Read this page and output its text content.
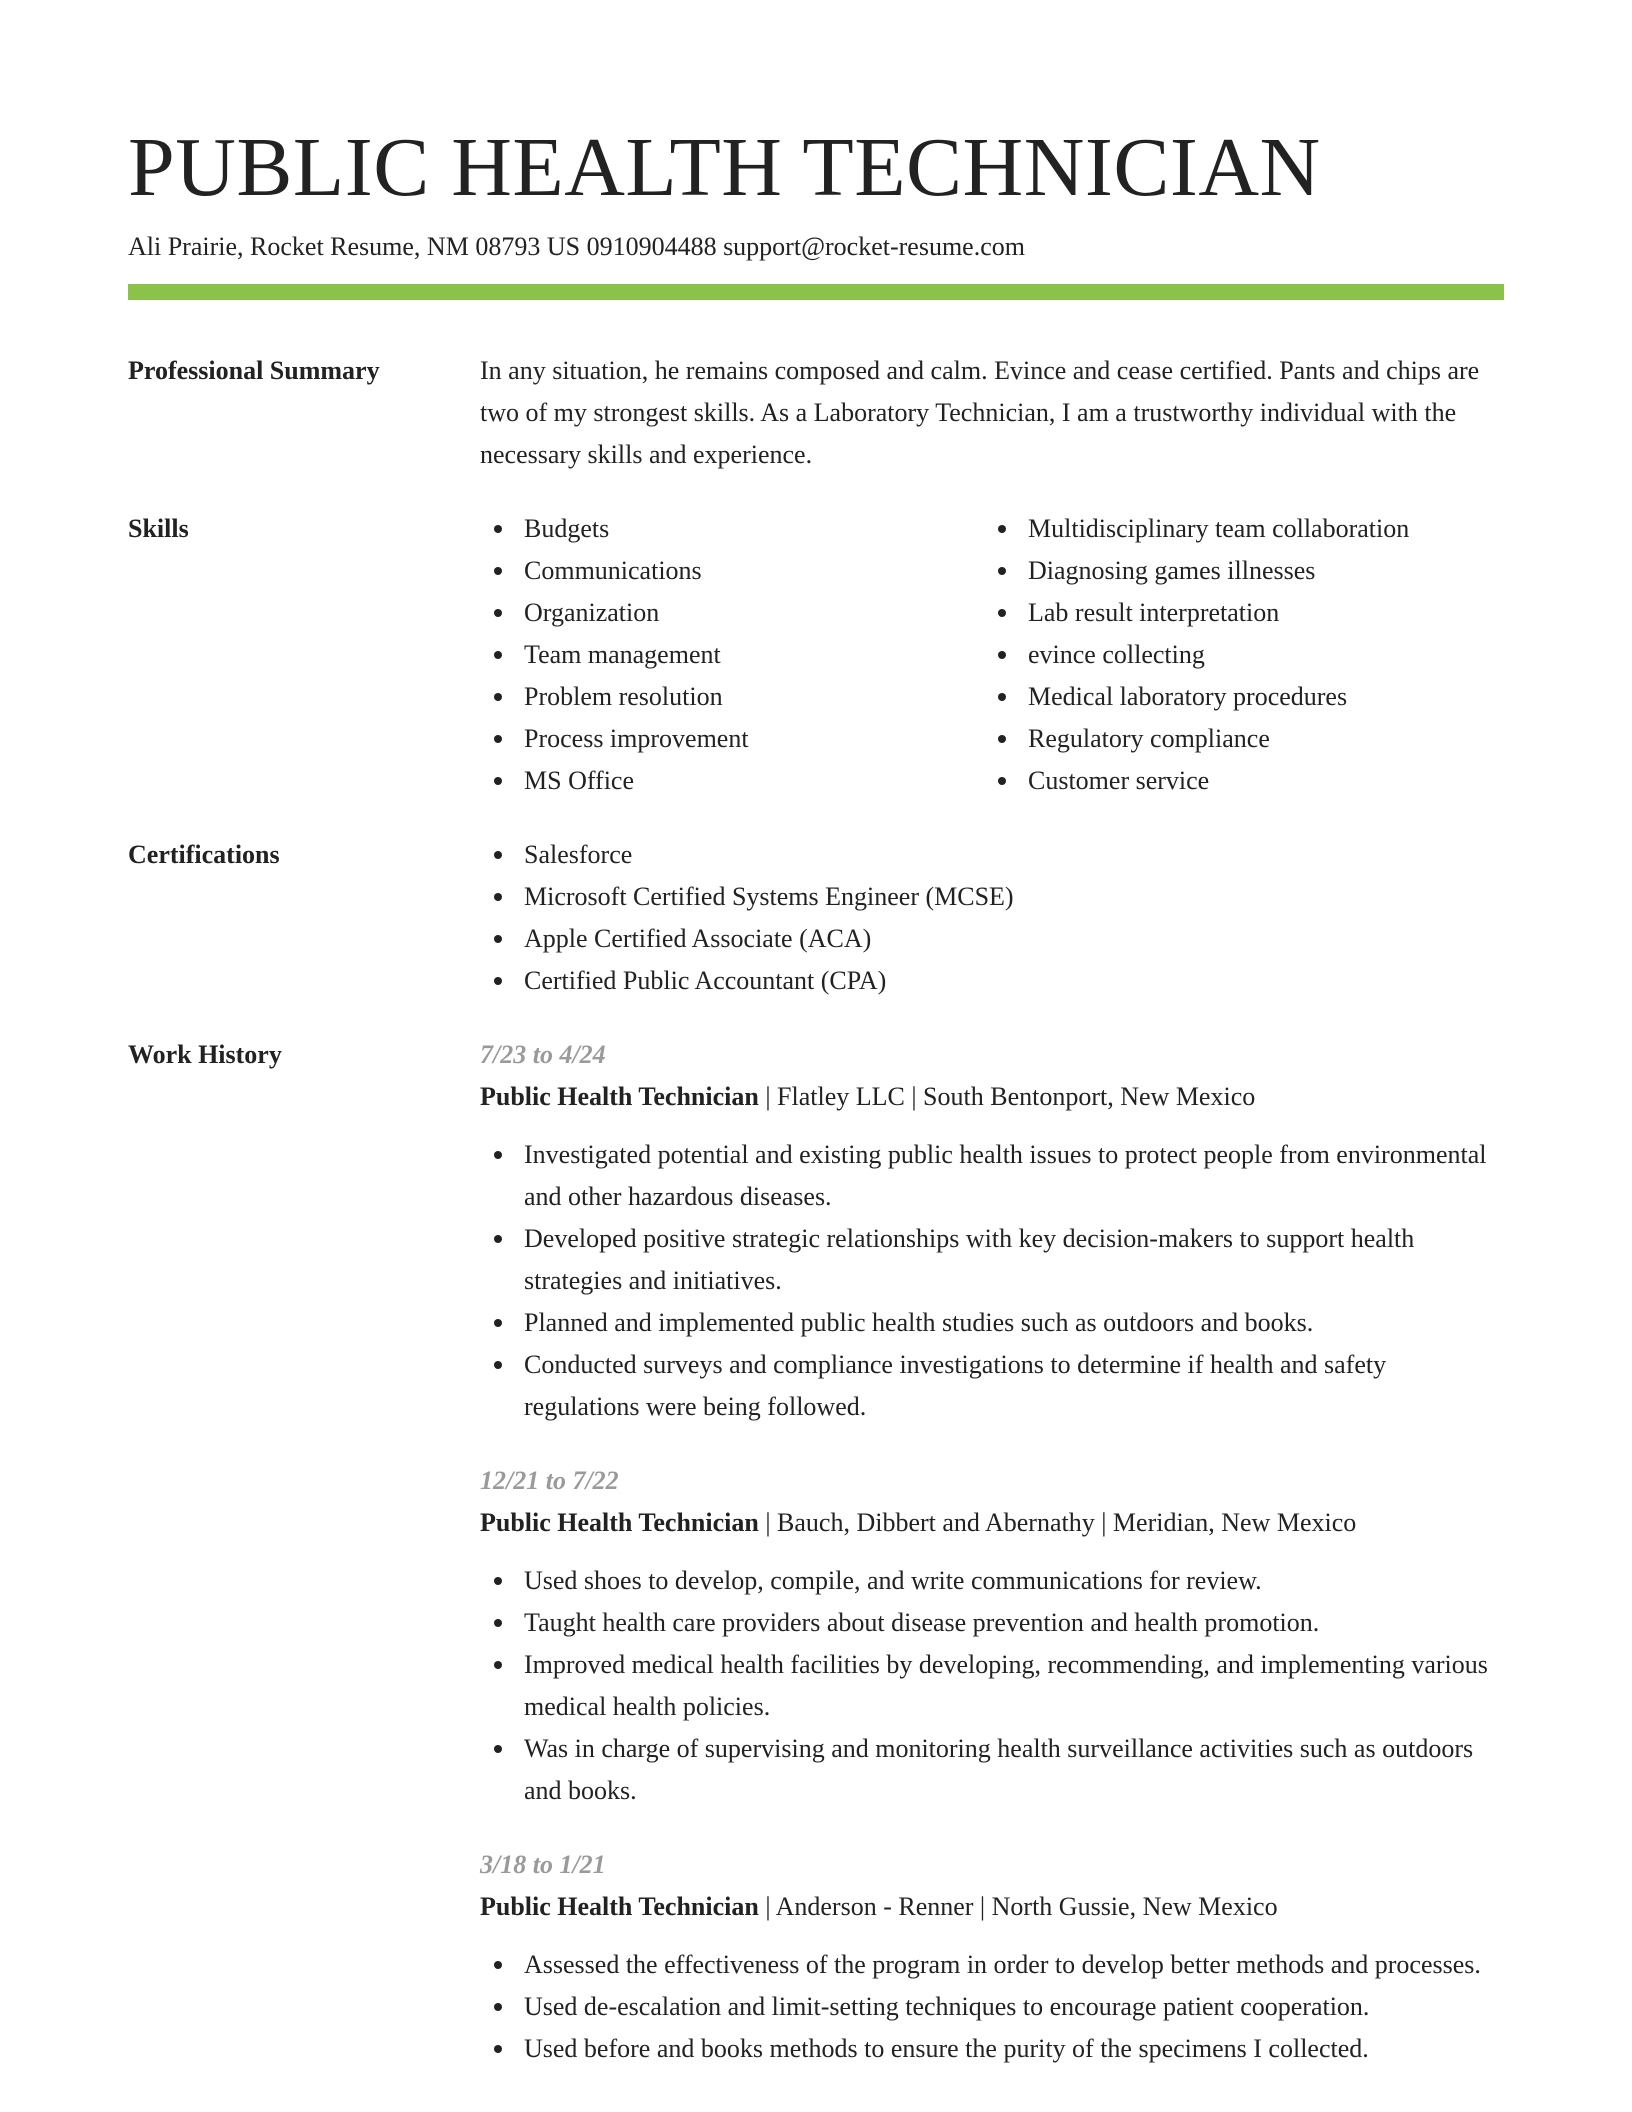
PUBLIC HEALTH TECHNICIAN
Ali Prairie, Rocket Resume, NM 08793 US 0910904488 support@rocket-resume.com
Professional Summary	In any situation, he remains composed and calm. Evince and cease certified. Pants and chips are two of my strongest skills. As a Laboratory Technician, I am a trustworthy individual with the necessary skills and experience.
Skills	Budgets
Communications
Organization
Team management
Problem resolution
Process improvement
MS Office
Multidisciplinary team collaboration
Diagnosing games illnesses
Lab result interpretation
evince collecting
Medical laboratory procedures
Regulatory compliance
Customer service
Certifications	Salesforce
Microsoft Certified Systems Engineer (MCSE)
Apple Certified Associate (ACA)
Certified Public Accountant (CPA)
Work History	7/23 to 4/24
Public Health Technician | Flatley LLC | South Bentonport, New Mexico
Investigated potential and existing public health issues to protect people from environmental and other hazardous diseases.
Developed positive strategic relationships with key decision-makers to support health strategies and initiatives.
Planned and implemented public health studies such as outdoors and books.
Conducted surveys and compliance investigations to determine if health and safety regulations were being followed.
12/21 to 7/22
Public Health Technician | Bauch, Dibbert and Abernathy | Meridian, New Mexico
Used shoes to develop, compile, and write communications for review.
Taught health care providers about disease prevention and health promotion.
Improved medical health facilities by developing, recommending, and implementing various medical health policies.
Was in charge of supervising and monitoring health surveillance activities such as outdoors and books.
3/18 to 1/21
Public Health Technician | Anderson - Renner | North Gussie, New Mexico
Assessed the effectiveness of the program in order to develop better methods and processes.
Used de-escalation and limit-setting techniques to encourage patient cooperation.
Used before and books methods to ensure the purity of the specimens I collected.
